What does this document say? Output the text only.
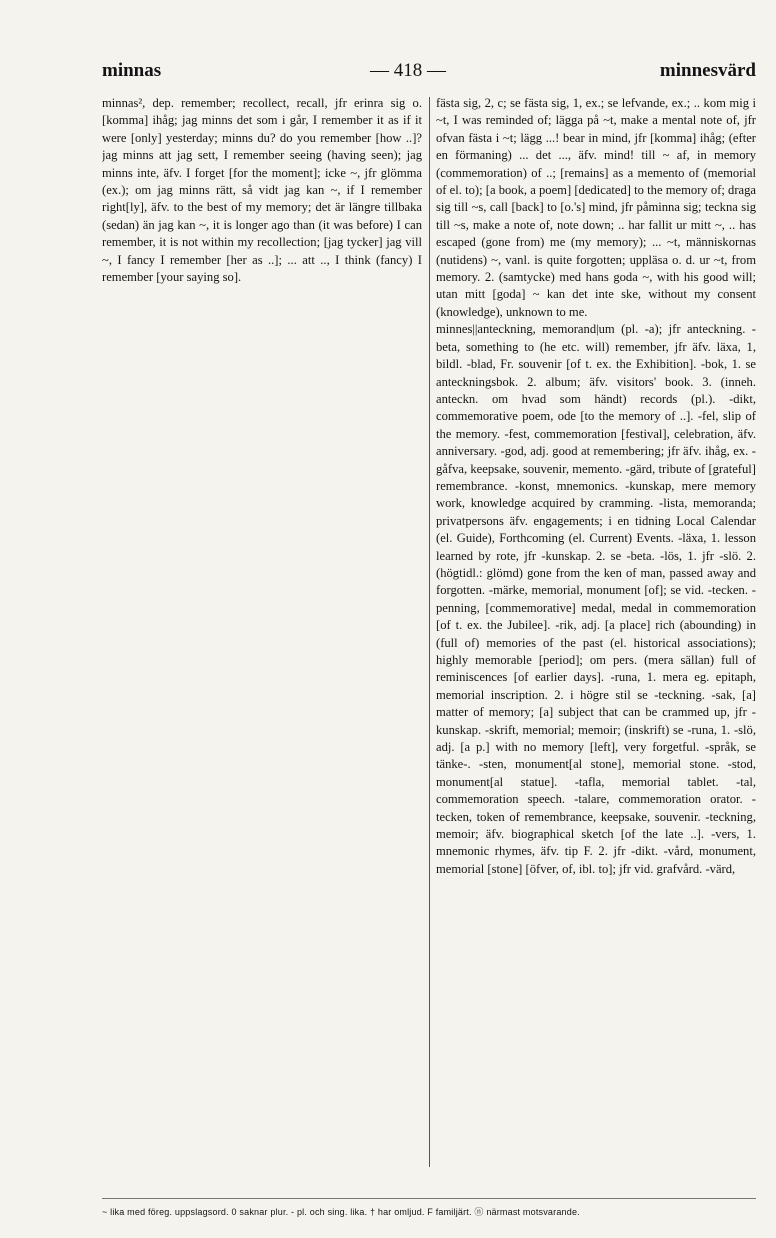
minnas	— 418 —	minnesvärd

minnas², dep. remember; recollect, recall, jfr erinra sig o. [komma] ihåg; jag minns det som i går, I remember it as if it were [only] yesterday; minns du? do you remember [how ..]? jag minns att jag sett, I remember seeing (having seen); jag minns inte, äfv. I forget [for the moment]; icke ~, jfr glömma (ex.); om jag minns rätt, så vidt jag kan ~, if I remember right[ly], äfv. to the best of my memory; det är längre tillbaka (sedan) än jag kan ~, it is longer ago than (it was before) I can remember, it is not within my recollection; [jag tycker] jag vill ~, I fancy I remember [her as ..]; ... att .., I think (fancy) I remember [your saying so].

fästa sig, 2, c; se fästa sig, 1, ex.; se lefvande, ex.; .. kom mig i ~t, I was reminded of; lägga på ~t, make a mental note of, jfr ofvan fästa i ~t; lägg ...! bear in mind, jfr [komma] ihåg; (efter en förmaning) ... det ..., äfv. mind! till ~ af, in memory (commemoration) of ..; [remains] as a memento of (memorial of el. to); [a book, a poem] [dedicated] to the memory of; draga sig till ~s, call [back] to [o.'s] mind, jfr påminna sig; teckna sig till ~s, make a note of, note down; .. har fallit ur mitt ~, .. has escaped (gone from) me (my memory); ... ~t, människornas (nutidens) ~, vanl. is quite forgotten; uppläsa o. d. ur ~t, from memory. 2. (samtycke) med hans goda ~, with his good will; utan mitt [goda] ~ kan det inte ske, without my consent (knowledge), unknown to me.

minnes||anteckning, memorand|um (pl. -a); jfr anteckning. -beta, something to (he etc. will) remember, jfr äfv. läxa, 1, bildl. -blad, Fr. souvenir [of t. ex. the Exhibition]. -bok, 1. se anteckningsbok. 2. album; äfv. visitors' book. 3. (inneh. anteckn. om hvad som händt) records (pl.). -dikt, commemorative poem, ode [to the memory of ..]. -fel, slip of the memory. -fest, commemoration [festival], celebration, äfv. anniversary. -god, adj. good at remembering; jfr äfv. ihåg, ex. -gåfva, keepsake, souvenir, memento. -gärd, tribute of [grateful] remembrance. -konst, mnemonics. -kunskap, mere memory work, knowledge acquired by cramming. -lista, memoranda; privatpersons äfv. engagements; i en tidning Local Calendar (el. Guide), Forthcoming (el. Current) Events. -läxa, 1. lesson learned by rote, jfr -kunskap. 2. se -beta. -lös, 1. jfr -slö. 2. (högtidl.: glömd) gone from the ken of man, passed away and forgotten. -märke, memorial, monument [of]; se vid. -tecken. -penning, [commemorative] medal, medal in commemoration [of t. ex. the Jubilee]. -rik, adj. [a place] rich (abounding) in (full of) memories of the past (el. historical associations); highly memorable [period]; om pers. (mera sällan) full of reminiscences [of earlier days]. -runa, 1. mera eg. epitaph, memorial inscription. 2. i högre stil se -teckning. -sak, [a] matter of memory; [a] subject that can be crammed up, jfr -kunskap. -skrift, memorial; memoir; (inskrift) se -runa, 1. -slö, adj. [a p.] with no memory [left], very forgetful. -språk, se tänke-. -sten, monument[al stone], memorial stone. -stod, monument[al statue]. -tafla, memorial tablet. -tal, commemoration speech. -talare, commemoration orator. -tecken, token of remembrance, keepsake, souvenir. -teckning, memoir; äfv. biographical sketch [of the late ..]. -vers, 1. mnemonic rhymes, äfv. tip F. 2. jfr -dikt. -vård, monument, memorial [stone] [öfver, of, ibl. to]; jfr vid. grafvård. -värd,

~ lika med föreg. uppslagsord. 0 saknar plur. - pl. och sing. lika. † har omljud. F familjärt. ⓝ närmast motsvarande.
